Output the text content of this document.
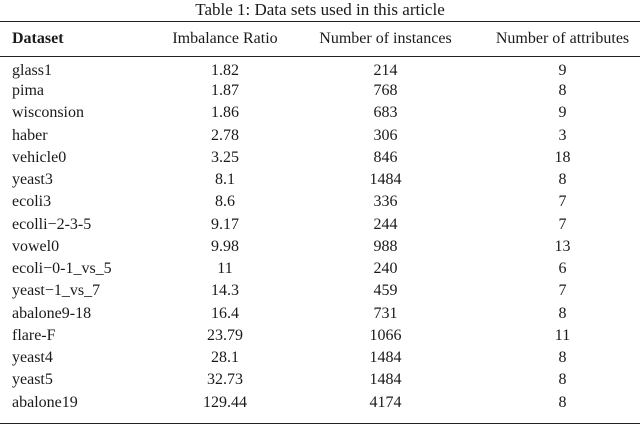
Table 1: Data sets used in this article
Dataset	Imbalance Ratio	Number of instances	Number of attributes
glass1	1.82	214	9
pima	1.87	768	8
wisconsion	1.86	683	9
haber	2.78	306	3
vehicle0	3.25	846	18
yeast3	8.1	1484	8
ecoli3	8.6	336	7
ecolli−2-3-5	9.17	244	7
vowel0	9.98	988	13
ecoli−0-1_vs_5	11	240	6
yeast−1_vs_7	14.3	459	7
abalone9-18	16.4	731	8
flare-F	23.79	1066	11
yeast4	28.1	1484	8
yeast5	32.73	1484	8
abalone19	129.44	4174	8
